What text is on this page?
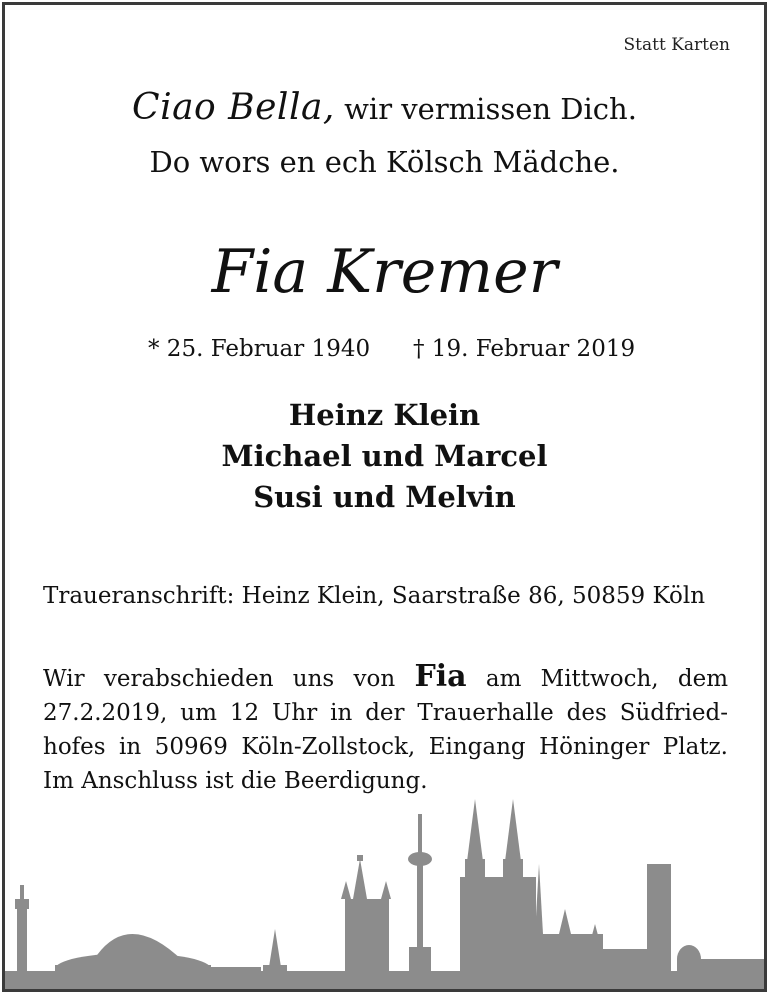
Statt Karten
Ciao Bella, wir vermissen Dich.
Do wors en ech Kölsch Mädche.
Fia Kremer
* 25. Februar 1940 † 19. Februar 2019
Heinz Klein
Michael und Marcel
Susi und Melvin
Traueranschrift: Heinz Klein, Saarstraße 86, 50859 Köln
Wir verabschieden uns von Fia am Mittwoch, dem 27.2.2019, um 12 Uhr in der Trauerhalle des Südfriedhofes in 50969 Köln-Zollstock, Eingang Höninger Platz. Im Anschluss ist die Beerdigung.
